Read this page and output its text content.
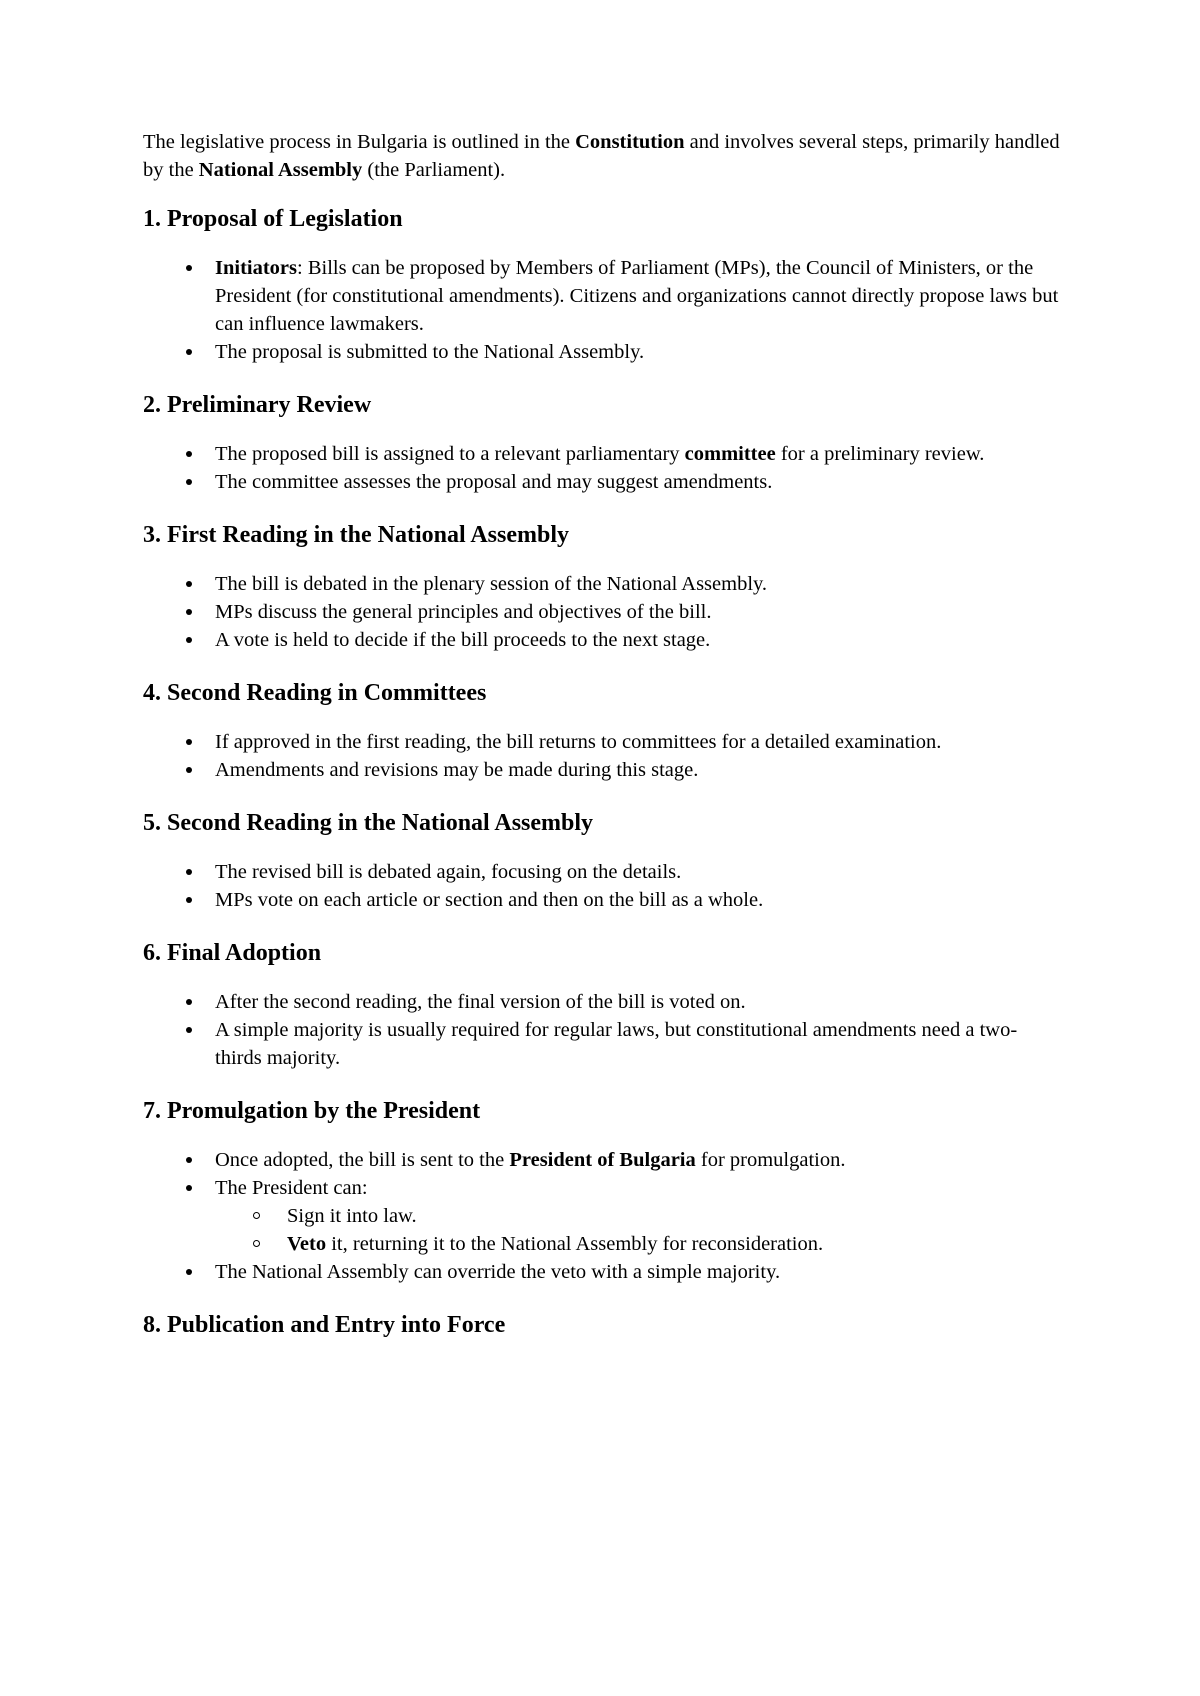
The legislative process in Bulgaria is outlined in the Constitution and involves several steps, primarily handled by the National Assembly (the Parliament).

1. Proposal of Legislation
Initiators: Bills can be proposed by Members of Parliament (MPs), the Council of Ministers, or the President (for constitutional amendments). Citizens and organizations cannot directly propose laws but can influence lawmakers.
The proposal is submitted to the National Assembly.
2. Preliminary Review
The proposed bill is assigned to a relevant parliamentary committee for a preliminary review.
The committee assesses the proposal and may suggest amendments.
3. First Reading in the National Assembly
The bill is debated in the plenary session of the National Assembly.
MPs discuss the general principles and objectives of the bill.
A vote is held to decide if the bill proceeds to the next stage.
4. Second Reading in Committees
If approved in the first reading, the bill returns to committees for a detailed examination.
Amendments and revisions may be made during this stage.
5. Second Reading in the National Assembly
The revised bill is debated again, focusing on the details.
MPs vote on each article or section and then on the bill as a whole.
6. Final Adoption
After the second reading, the final version of the bill is voted on.
A simple majority is usually required for regular laws, but constitutional amendments need a two-thirds majority.
7. Promulgation by the President
Once adopted, the bill is sent to the President of Bulgaria for promulgation.
The President can:
Sign it into law.
Veto it, returning it to the National Assembly for reconsideration.
The National Assembly can override the veto with a simple majority.
8. Publication and Entry into Force
